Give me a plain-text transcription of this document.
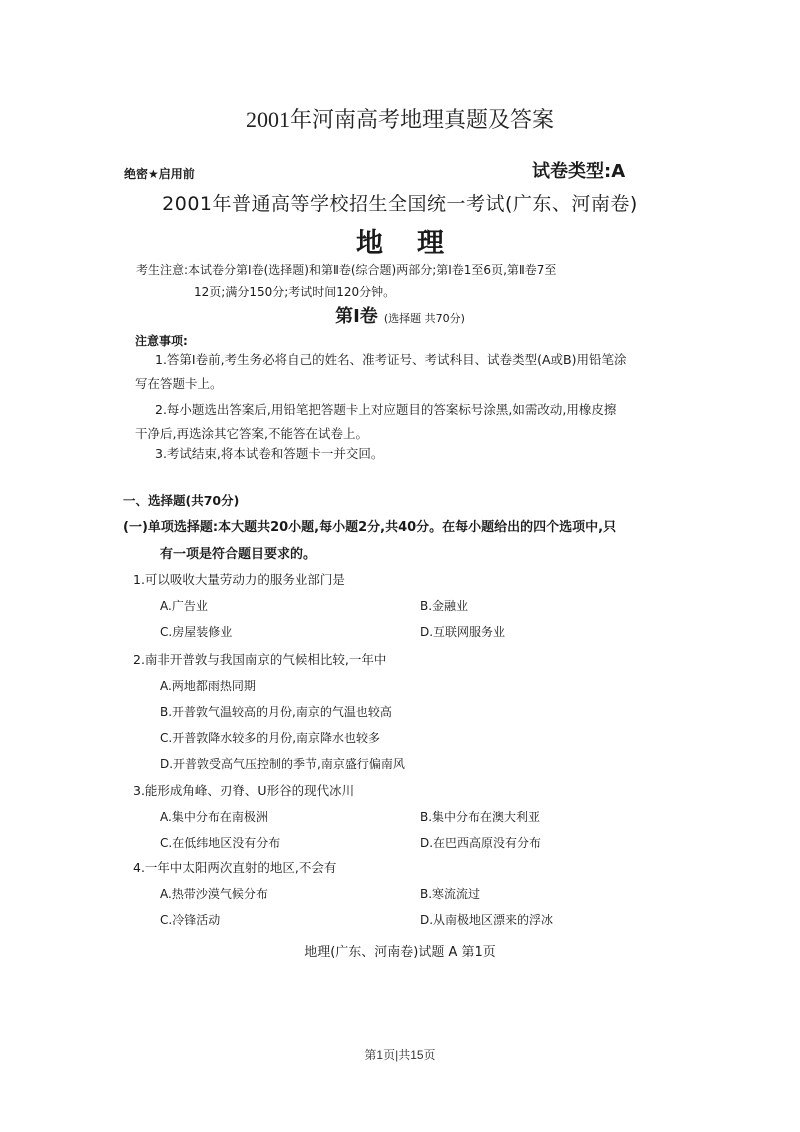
2001年河南高考地理真题及答案
绝密★启用前	试卷类型:A
2001年普通高等学校招生全国统一考试(广东、河南卷)
地理
考生注意:本试卷分第Ⅰ卷(选择题)和第Ⅱ卷(综合题)两部分;第Ⅰ卷1至6页,第Ⅱ卷7至
12页;满分150分;考试时间120分钟。
第Ⅰ卷 (选择题 共70分)
注意事项:
1.答第Ⅰ卷前,考生务必将自己的姓名、准考证号、考试科目、试卷类型(A或B)用铅笔涂
写在答题卡上。
2.每小题选出答案后,用铅笔把答题卡上对应题目的答案标号涂黑,如需改动,用橡皮擦
干净后,再选涂其它答案,不能答在试卷上。
3.考试结束,将本试卷和答题卡一并交回。
一、选择题(共70分)
(一)单项选择题:本大题共20小题,每小题2分,共40分。在每小题给出的四个选项中,只
有一项是符合题目要求的。
1.可以吸收大量劳动力的服务业部门是
A.广告业	B.金融业
C.房屋装修业	D.互联网服务业
2.南非开普敦与我国南京的气候相比较,一年中
A.两地都雨热同期
B.开普敦气温较高的月份,南京的气温也较高
C.开普敦降水较多的月份,南京降水也较多
D.开普敦受高气压控制的季节,南京盛行偏南风
3.能形成角峰、刃脊、U形谷的现代冰川
A.集中分布在南极洲	B.集中分布在澳大利亚
C.在低纬地区没有分布	D.在巴西高原没有分布
4.一年中太阳两次直射的地区,不会有
A.热带沙漠气候分布	B.寒流流过
C.冷锋活动	D.从南极地区漂来的浮冰
地理(广东、河南卷)试题 A 第1页
第1页|共15页
